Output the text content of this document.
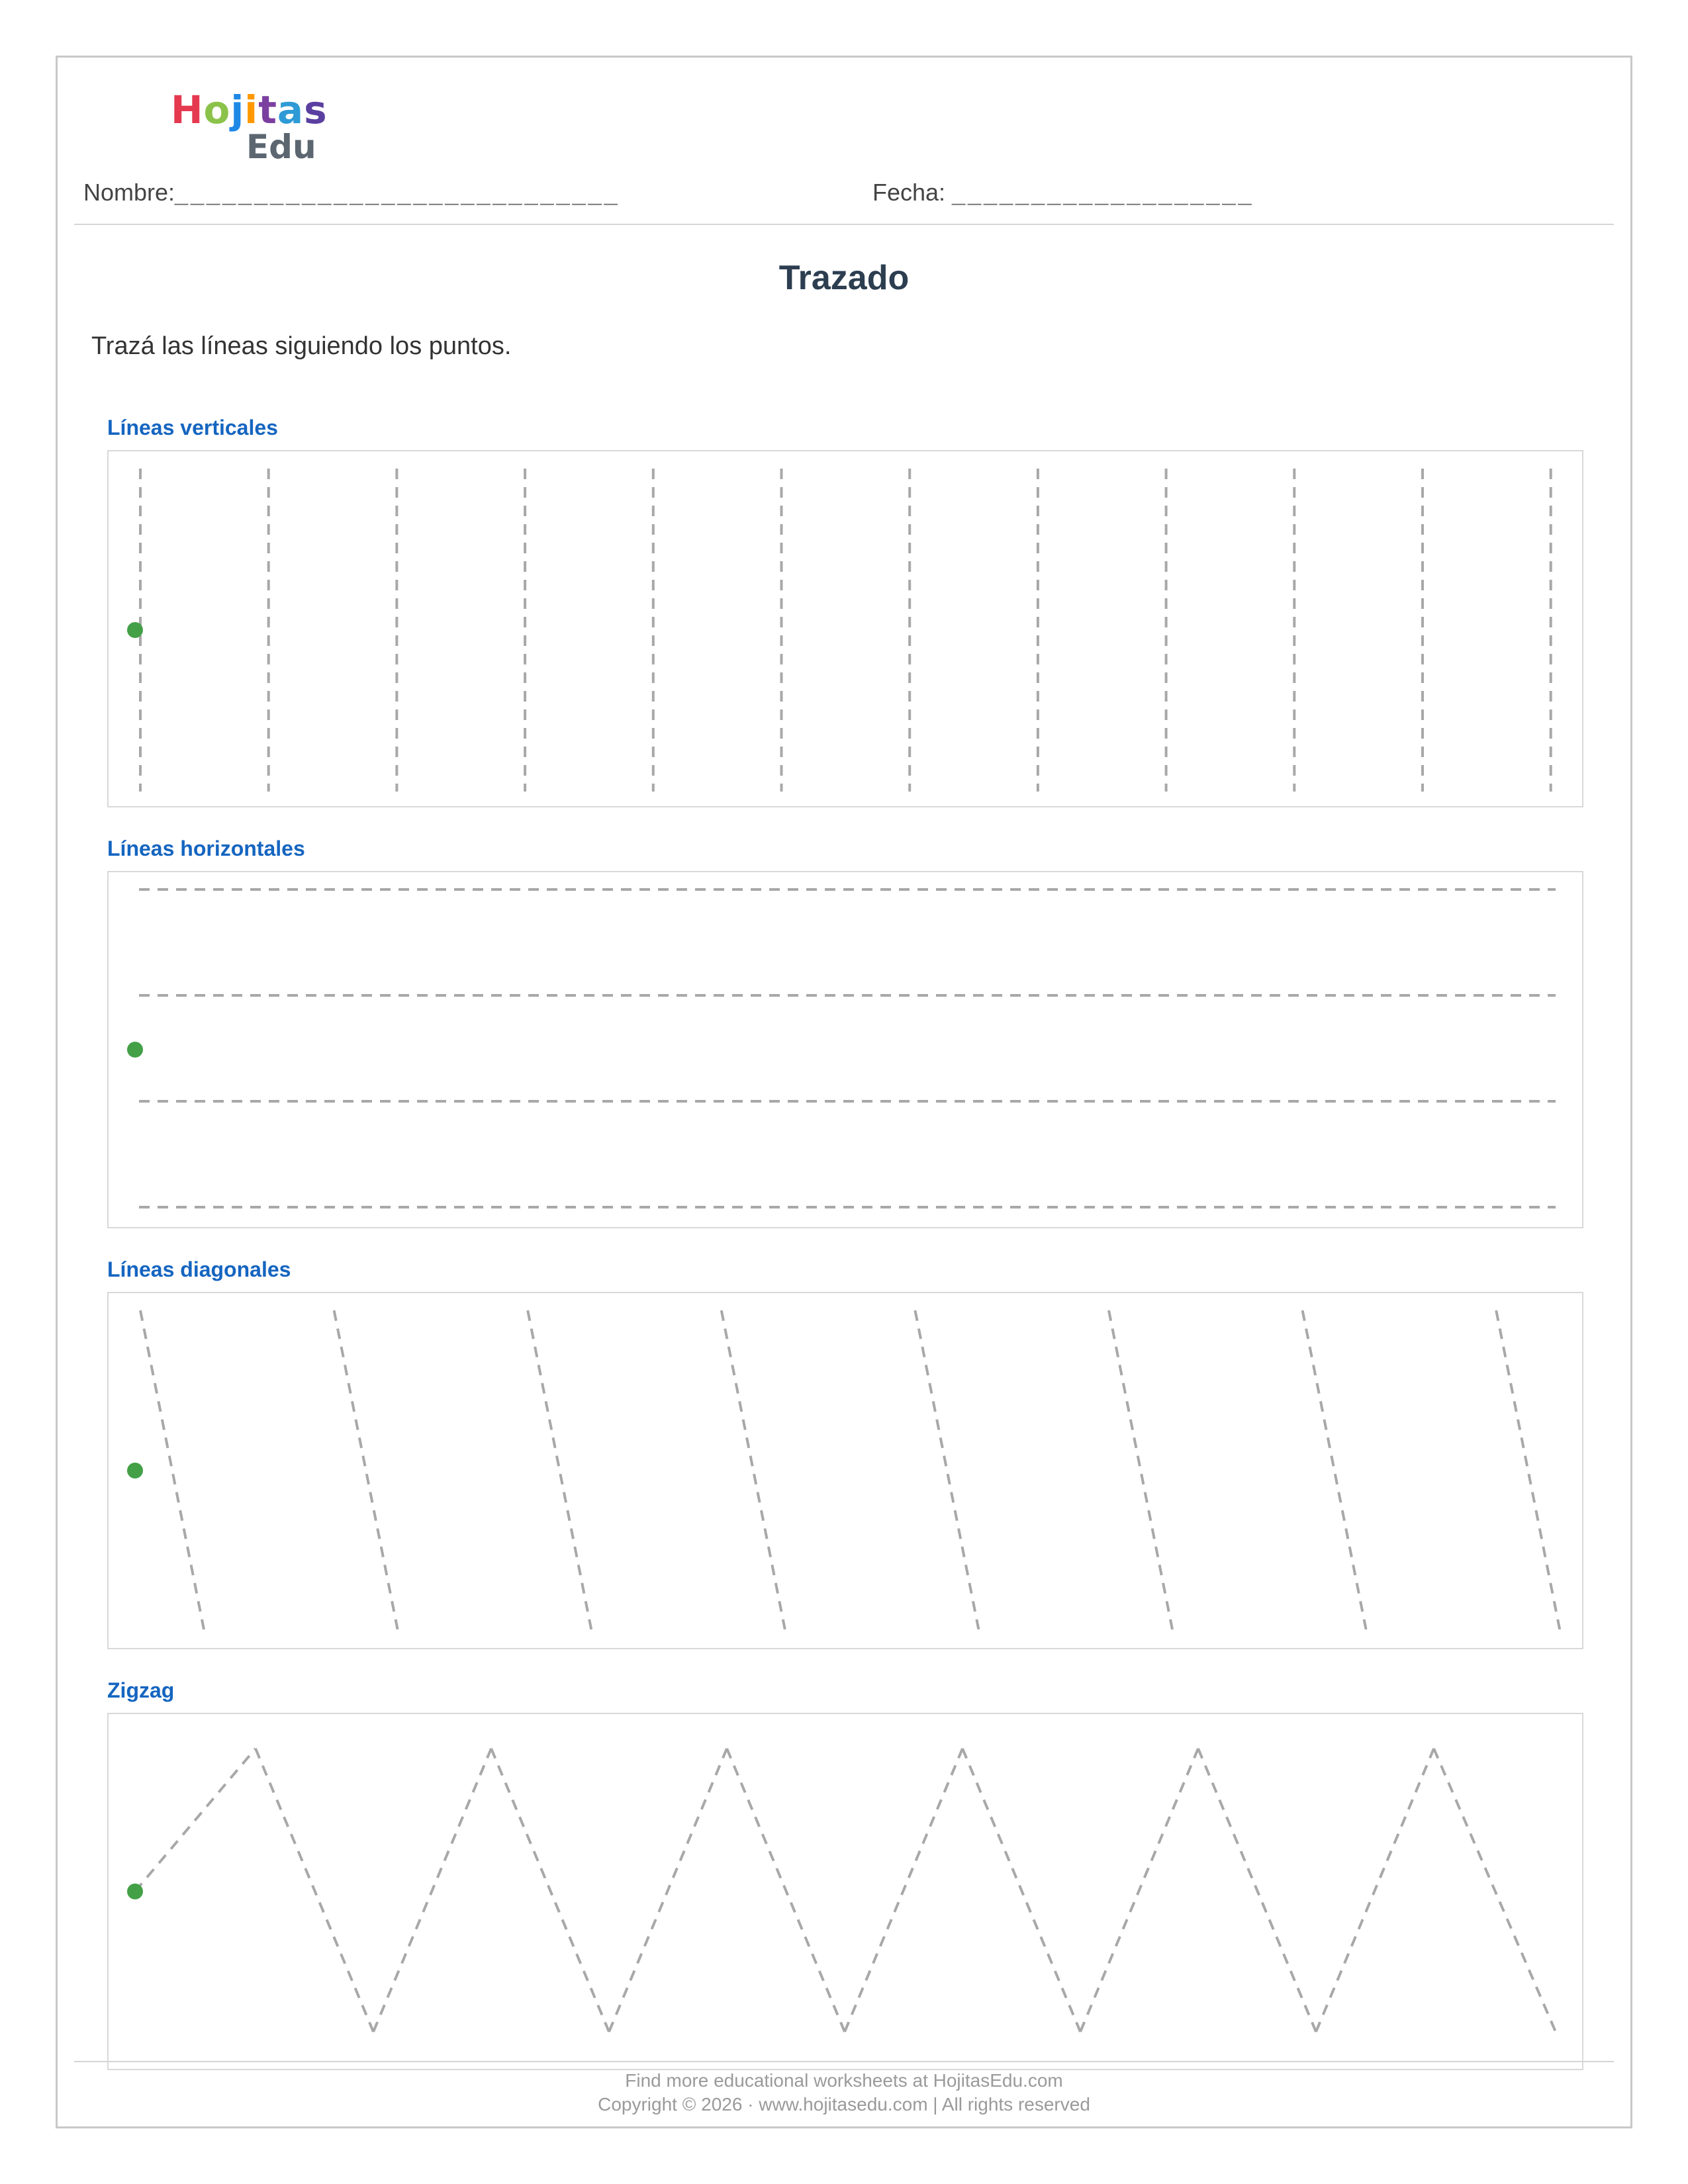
Hojitas
Edu
Nombre:____________________________	Fecha: ___________________
Trazado
Trazá las líneas siguiendo los puntos.
Líneas verticales
Líneas horizontales
Líneas diagonales
Zigzag
Find more educational worksheets at HojitasEdu.com
Copyright © 2026 · www.hojitasedu.com | All rights reserved
